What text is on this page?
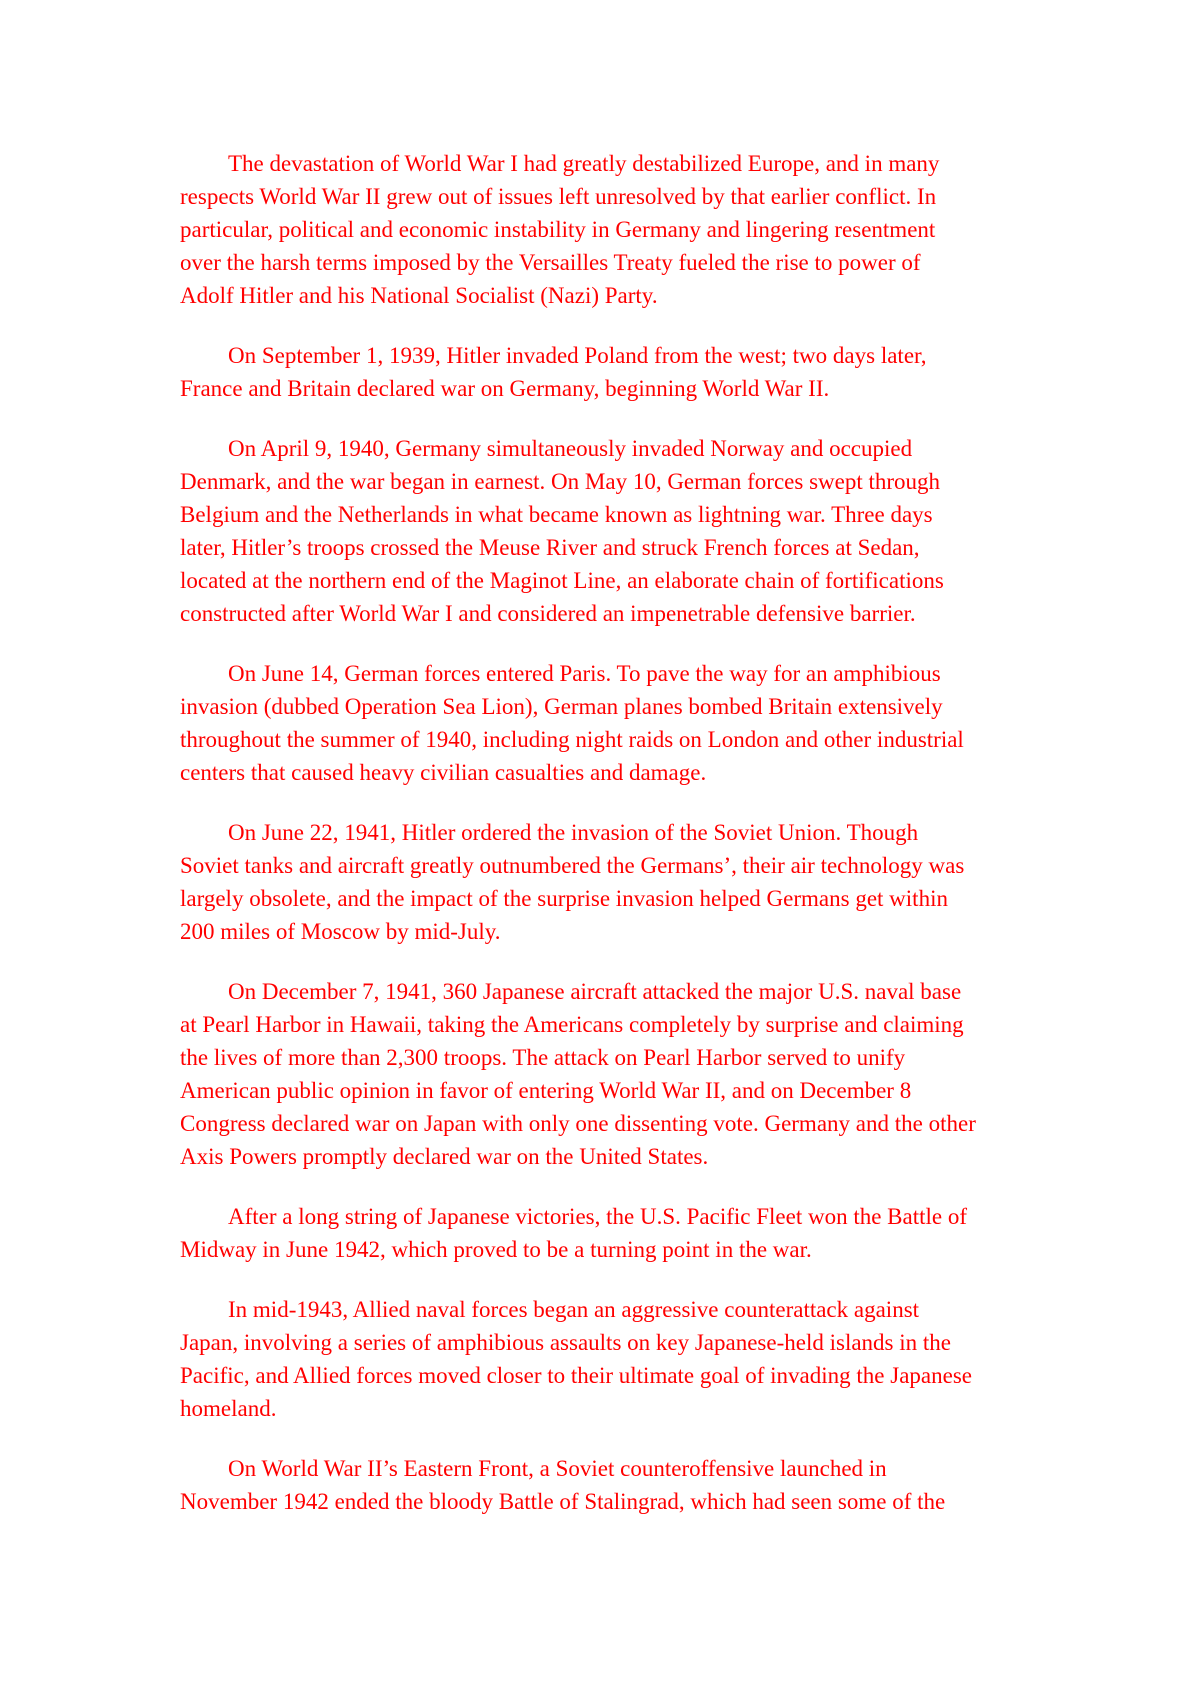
The devastation of World War I had greatly destabilized Europe, and in many
respects World War II grew out of issues left unresolved by that earlier conflict. In
particular, political and economic instability in Germany and lingering resentment
over the harsh terms imposed by the Versailles Treaty fueled the rise to power of
Adolf Hitler and his National Socialist (Nazi) Party.

On September 1, 1939, Hitler invaded Poland from the west; two days later,
France and Britain declared war on Germany, beginning World War II.

On April 9, 1940, Germany simultaneously invaded Norway and occupied
Denmark, and the war began in earnest. On May 10, German forces swept through
Belgium and the Netherlands in what became known as lightning war. Three days
later, Hitler’s troops crossed the Meuse River and struck French forces at Sedan,
located at the northern end of the Maginot Line, an elaborate chain of fortifications
constructed after World War I and considered an impenetrable defensive barrier.

On June 14, German forces entered Paris. To pave the way for an amphibious
invasion (dubbed Operation Sea Lion), German planes bombed Britain extensively
throughout the summer of 1940, including night raids on London and other industrial
centers that caused heavy civilian casualties and damage.

On June 22, 1941, Hitler ordered the invasion of the Soviet Union. Though
Soviet tanks and aircraft greatly outnumbered the Germans’, their air technology was
largely obsolete, and the impact of the surprise invasion helped Germans get within
200 miles of Moscow by mid-July.

On December 7, 1941, 360 Japanese aircraft attacked the major U.S. naval base
at Pearl Harbor in Hawaii, taking the Americans completely by surprise and claiming
the lives of more than 2,300 troops. The attack on Pearl Harbor served to unify
American public opinion in favor of entering World War II, and on December 8
Congress declared war on Japan with only one dissenting vote. Germany and the other
Axis Powers promptly declared war on the United States.

After a long string of Japanese victories, the U.S. Pacific Fleet won the Battle of
Midway in June 1942, which proved to be a turning point in the war.

In mid-1943, Allied naval forces began an aggressive counterattack against
Japan, involving a series of amphibious assaults on key Japanese-held islands in the
Pacific, and Allied forces moved closer to their ultimate goal of invading the Japanese
homeland.

On World War II’s Eastern Front, a Soviet counteroffensive launched in
November 1942 ended the bloody Battle of Stalingrad, which had seen some of the
